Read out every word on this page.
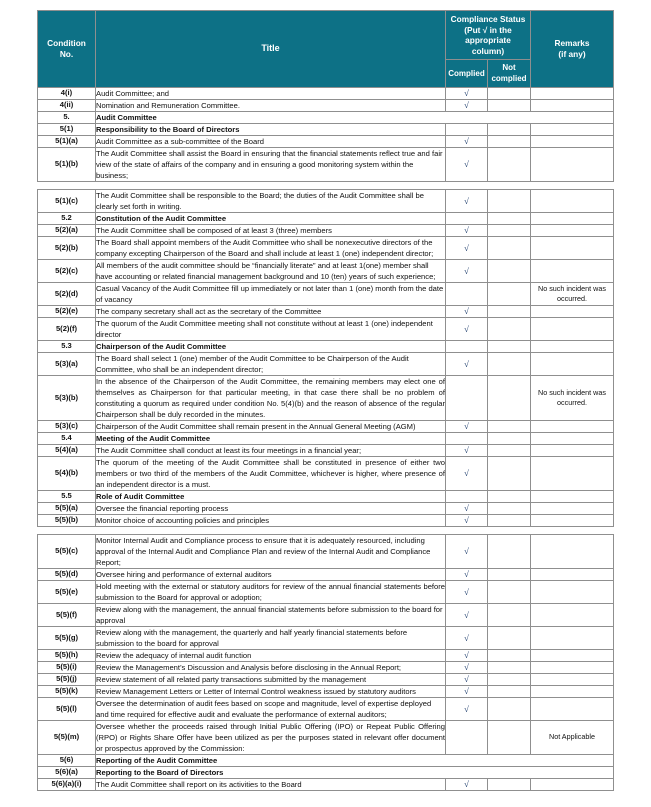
Condition
No.	Title	Compliance Status
(Put √ in the
appropriate column)		Remarks
(if any)
		Complied	Not
complied	
4(i)	Audit Committee; and	√		
4(ii)	Nomination and Remuneration Committee.	√		
5.	Audit Committee			
5(1)	Responsibility to the Board of Directors			
5(1)(a)	Audit Committee as a sub-committee of the Board	√		
5(1)(b)	The Audit Committee shall assist the Board in ensuring that the financial statements reflect true and fair view of the state of affairs of the company and in ensuring a good monitoring system within the business;	√		
5(1)(c)	The Audit Committee shall be responsible to the Board; the duties of the Audit Committee shall be clearly set forth in writing.	√		
5.2	Constitution of the Audit Committee			
5(2)(a)	The Audit Committee shall be composed of at least 3 (three) members	√		
5(2)(b)	The Board shall appoint members of the Audit Committee who shall be nonexecutive directors of the company excepting Chairperson of the Board and shall include at least 1 (one) independent director;	√		
5(2)(c)	All members of the audit committee should be “financially literate” and at least 1(one) member shall have accounting or related financial management background and 10 (ten) years of such experience;	√		
5(2)(d)	Casual Vacancy of the Audit Committee fill up immediately or not later than 1 (one) month from the date of vacancy			No such incident was occurred.
5(2)(e)	The company secretary shall act as the secretary of the Committee	√		
5(2)(f)	The quorum of the Audit Committee meeting shall not constitute without at least 1 (one) independent director	√		
5.3	Chairperson of the Audit Committee			
5(3)(a)	The Board shall select 1 (one) member of the Audit Committee to be Chairperson of the Audit Committee, who shall be an independent director;	√		
5(3)(b)	In the absence of the Chairperson of the Audit Committee, the remaining members may elect one of themselves as Chairperson for that particular meeting, in that case there shall be no problem of constituting a quorum as required under condition No. 5(4)(b) and the reason of absence of the regular Chairperson shall be duly recorded in the minutes.			No such incident was occurred.
5(3)(c)	Chairperson of the Audit Committee shall remain present in the Annual General Meeting (AGM)	√		
5.4	Meeting of the Audit Committee			
5(4)(a)	The Audit Committee shall conduct at least its four meetings in a financial year;	√		
5(4)(b)	The quorum of the meeting of the Audit Committee shall be constituted in presence of either two members or two third of the members of the Audit Committee, whichever is higher, where presence of an independent director is a must.	√		
5.5	Role of Audit Committee			
5(5)(a)	Oversee the financial reporting process	√		
5(5)(b)	Monitor choice of accounting policies and principles	√		
5(5)(c)	Monitor Internal Audit and Compliance process to ensure that it is adequately resourced, including approval of the Internal Audit and Compliance Plan and review of the Internal Audit and Compliance Report;	√		
5(5)(d)	Oversee hiring and performance of external auditors	√		
5(5)(e)	Hold meeting with the external or statutory auditors for review of the annual financial statements before submission to the Board for approval or adoption;	√		
5(5)(f)	Review along with the management, the annual financial statements before submission to the board for approval	√		
5(5)(g)	Review along with the management, the quarterly and half yearly financial statements before submission to the board for approval	√		
5(5)(h)	Review the adequacy of internal audit function	√		
5(5)(i)	Review the Management’s Discussion and Analysis before disclosing in the Annual Report;	√		
5(5)(j)	Review statement of all related party transactions submitted by the management	√		
5(5)(k)	Review Management Letters or Letter of Internal Control weakness issued by statutory auditors	√		
5(5)(l)	Oversee the determination of audit fees based on scope and magnitude, level of expertise deployed and time required for effective audit and evaluate the performance of external auditors;	√		
5(5)(m)	Oversee whether the proceeds raised through Initial Public Offering (IPO) or Repeat Public Offering (RPO) or Rights Share Offer have been utilized as per the purposes stated in relevant offer document or prospectus approved by the Commission:			Not Applicable
5(6)	Reporting of the Audit Committee			
5(6)(a)	Reporting to the Board of Directors			
5(6)(a)(i)	The Audit Committee shall report on its activities to the Board	√		
